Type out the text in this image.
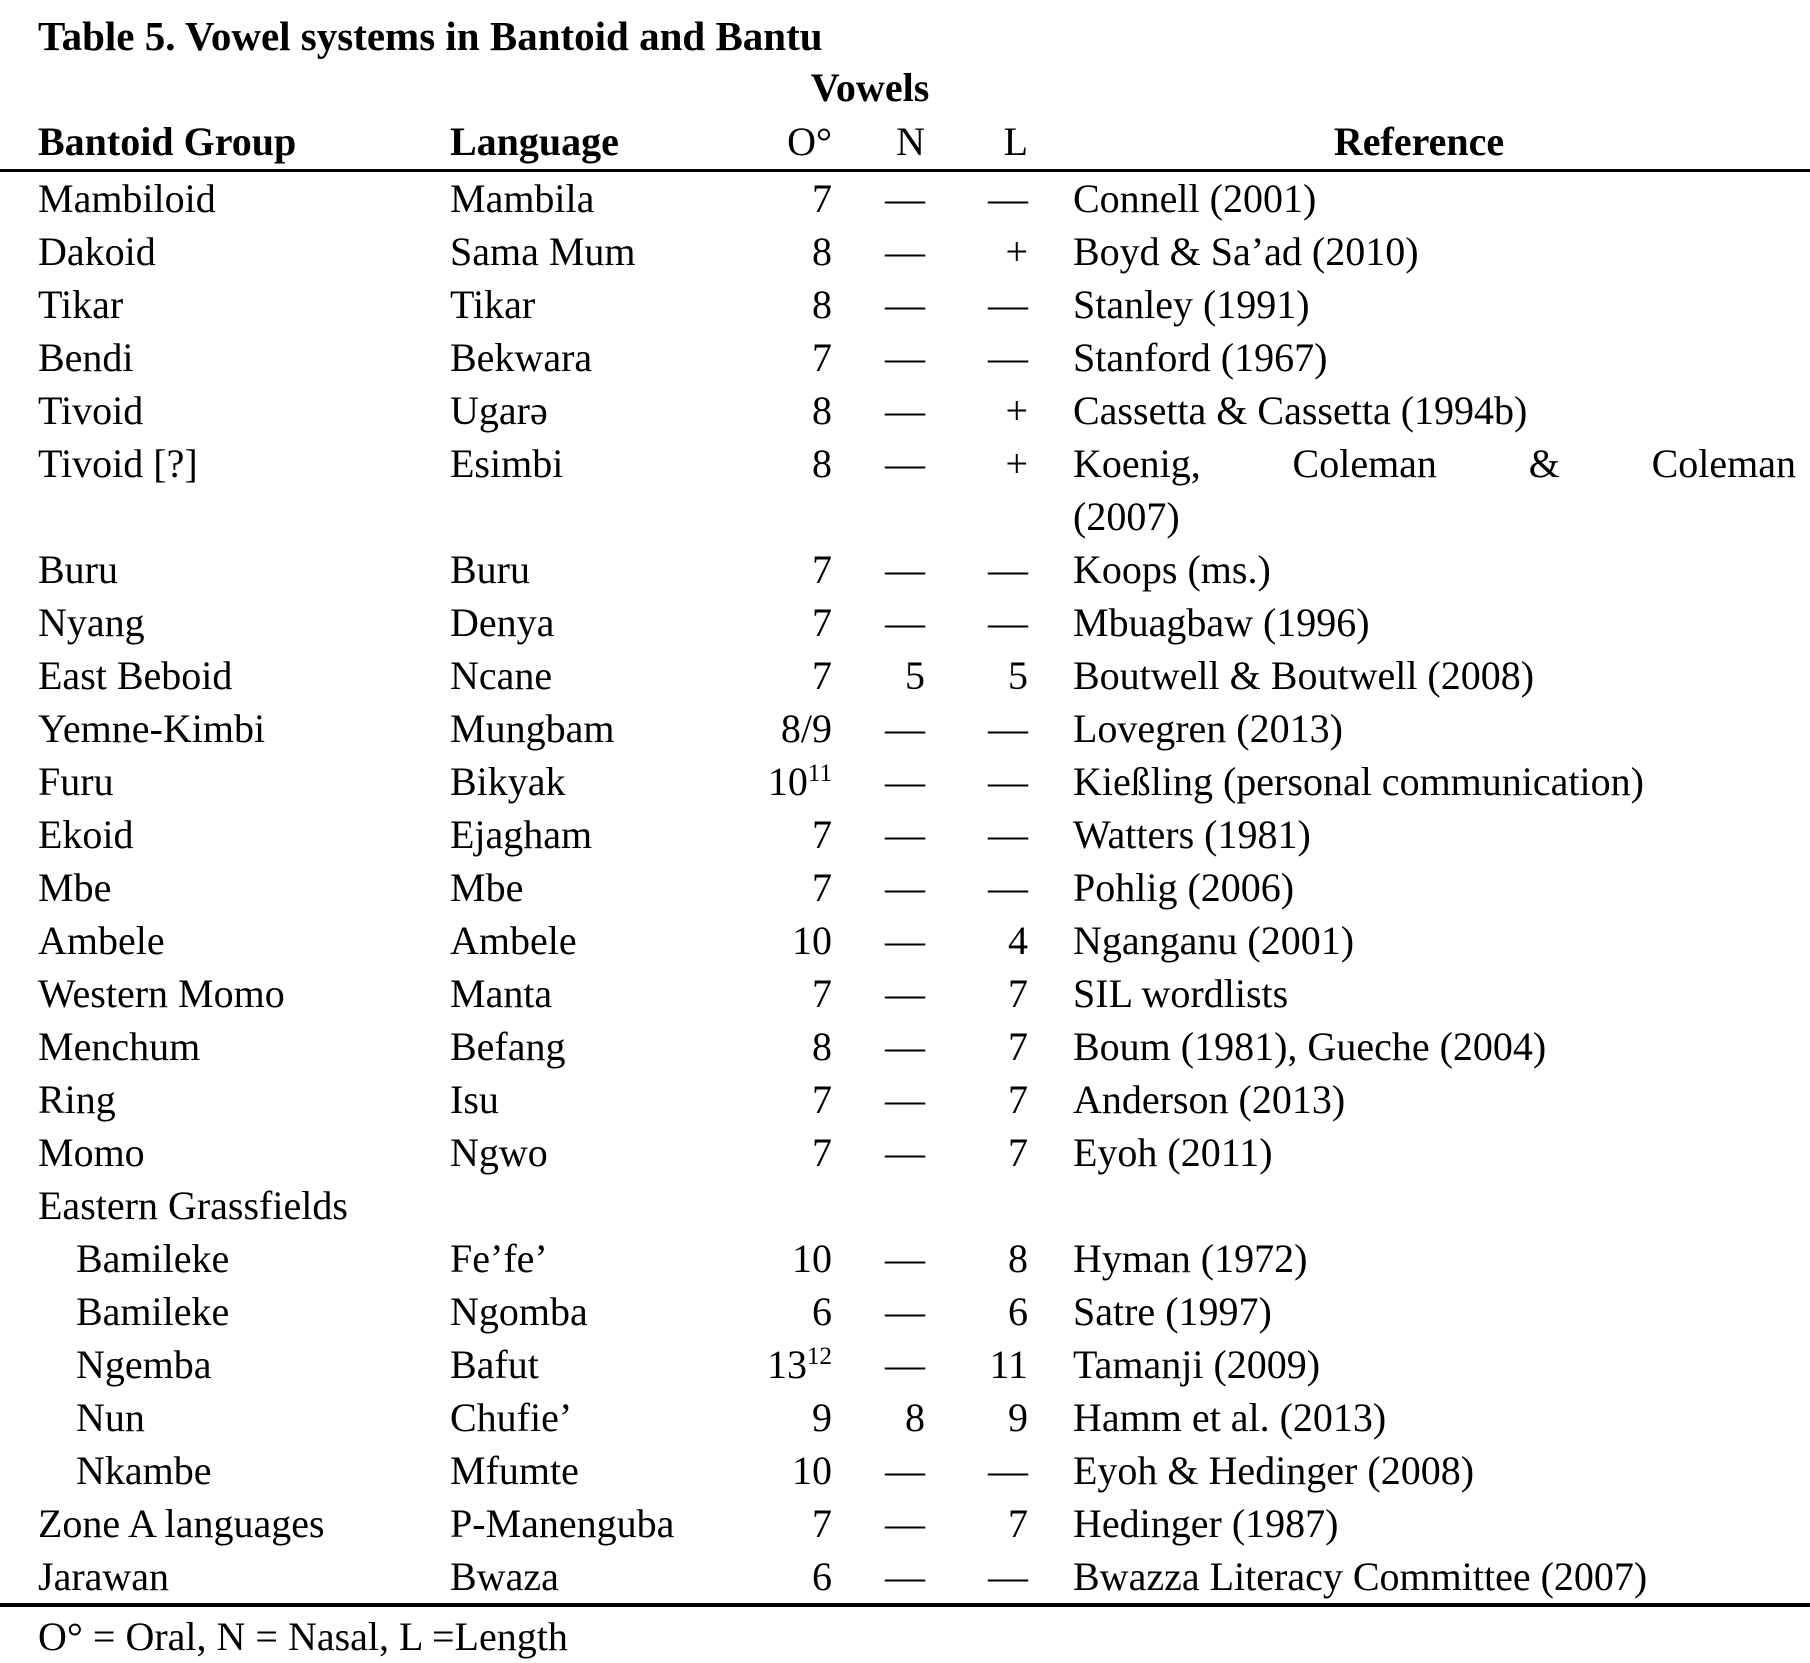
Table 5. Vowel systems in Bantoid and Bantu
		Vowels			
Bantoid Group	Language	O°	N	L	Reference
Mambiloid	Mambila	7	—	—	Connell (2001)
Dakoid	Sama Mum	8	—	+	Boyd & Sa’ad (2010)
Tikar	Tikar	8	—	—	Stanley (1991)
Bendi	Bekwara	7	—	—	Stanford (1967)
Tivoid	Ugarə	8	—	+	Cassetta & Cassetta (1994b)
Tivoid [?]	Esimbi	8	—	+	Koenig, Coleman & Coleman
(2007)
Buru	Buru	7	—	—	Koops (ms.)
Nyang	Denya	7	—	—	Mbuagbaw (1996)
East Beboid	Ncane	7	5	5	Boutwell & Boutwell (2008)
Yemne-Kimbi	Mungbam	8/9	—	—	Lovegren (2013)
Furu	Bikyak	$10^{11}$	—	—	Kießling (personal communication)
Ekoid	Ejagham	7	—	—	Watters (1981)
Mbe	Mbe	7	—	—	Pohlig (2006)
Ambele	Ambele	10	—	4	Nganganu (2001)
Western Momo	Manta	7	—	7	SIL wordlists
Menchum	Befang	8	—	7	Boum (1981), Gueche (2004)
Ring	Isu	7	—	7	Anderson (2013)
Momo	Ngwo	7	—	7	Eyoh (2011)
Eastern Grassfields					
Bamileke	Fe’fe’	10	—	8	Hyman (1972)
Bamileke	Ngomba	6	—	6	Satre (1997)
Ngemba	Bafut	$13^{12}$	—	11	Tamanji (2009)
Nun	Chufie’	9	8	9	Hamm et al. (2013)
Nkambe	Mfumte	10	—	—	Eyoh & Hedinger (2008)
Zone A languages	P-Manenguba	7	—	7	Hedinger (1987)
Jarawan	Bwaza	6	—	—	Bwazza Literacy Committee (2007)
O° = Oral, N = Nasal, L =Length
